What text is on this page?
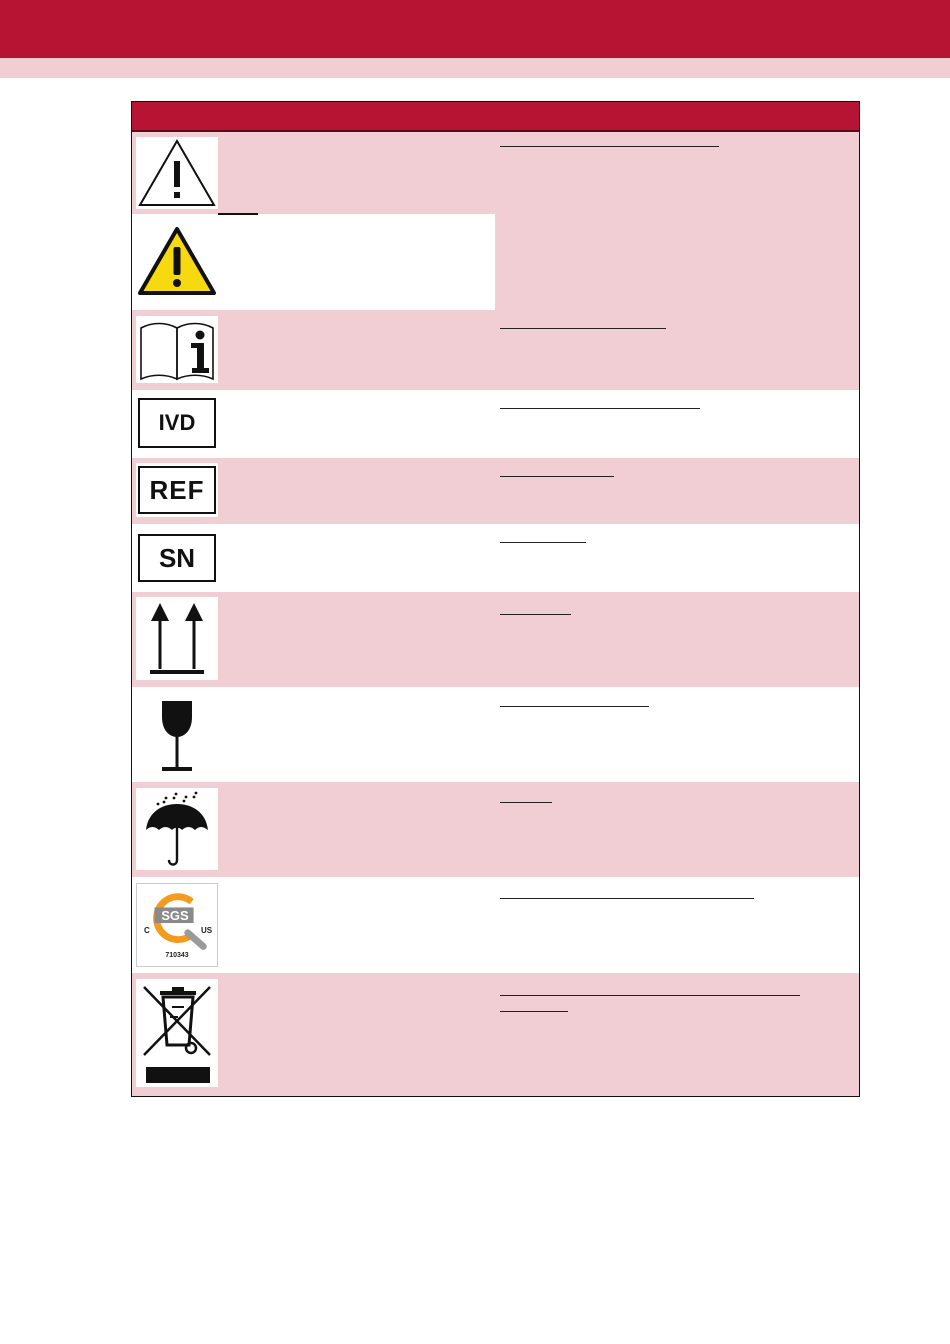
IVD
REF
SN
SGS
C	US
710343
